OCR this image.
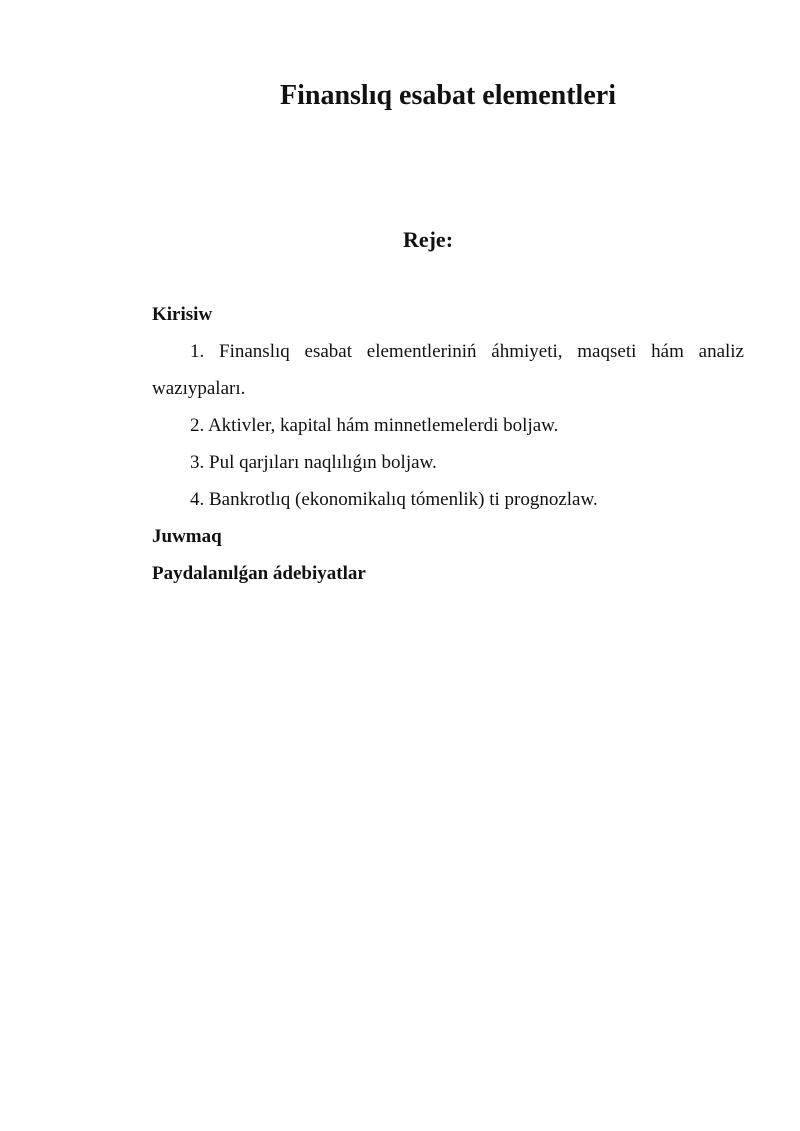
Finanslıq esabat elementleri
Reje:

Kirisiw

1. Finanslıq esabat elementleriniń áhmiyeti, maqseti hám analiz wazıypaları.

2. Aktivler, kapital hám minnetlemelerdi boljaw.

3. Pul qarjıları naqlılıǵın boljaw.

4. Bankrotlıq (ekonomikalıq tómenlik) ti prognozlaw.

Juwmaq

Paydalanılǵan ádebiyatlar
